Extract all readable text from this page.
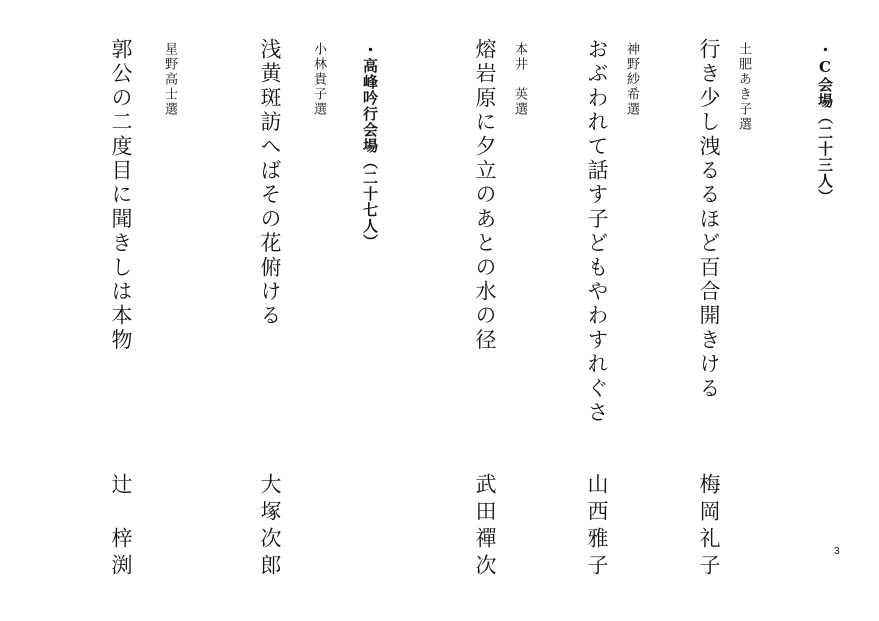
・C会場（二十三人）
土肥あき子選
行き少し洩るるほど百合開きける
梅岡礼子
神野紗希選
おぶわれて話す子どもやわすれぐさ
山西雅子
本井　英選
熔岩原に夕立のあとの水の径
武田禪次
・高峰吟行会場（二十七人）
小林貴子選
浅黄斑訪へばその花俯ける
大塚次郎
星野高士選
郭公の二度目に聞きしは本物
辻　梓渕	3
